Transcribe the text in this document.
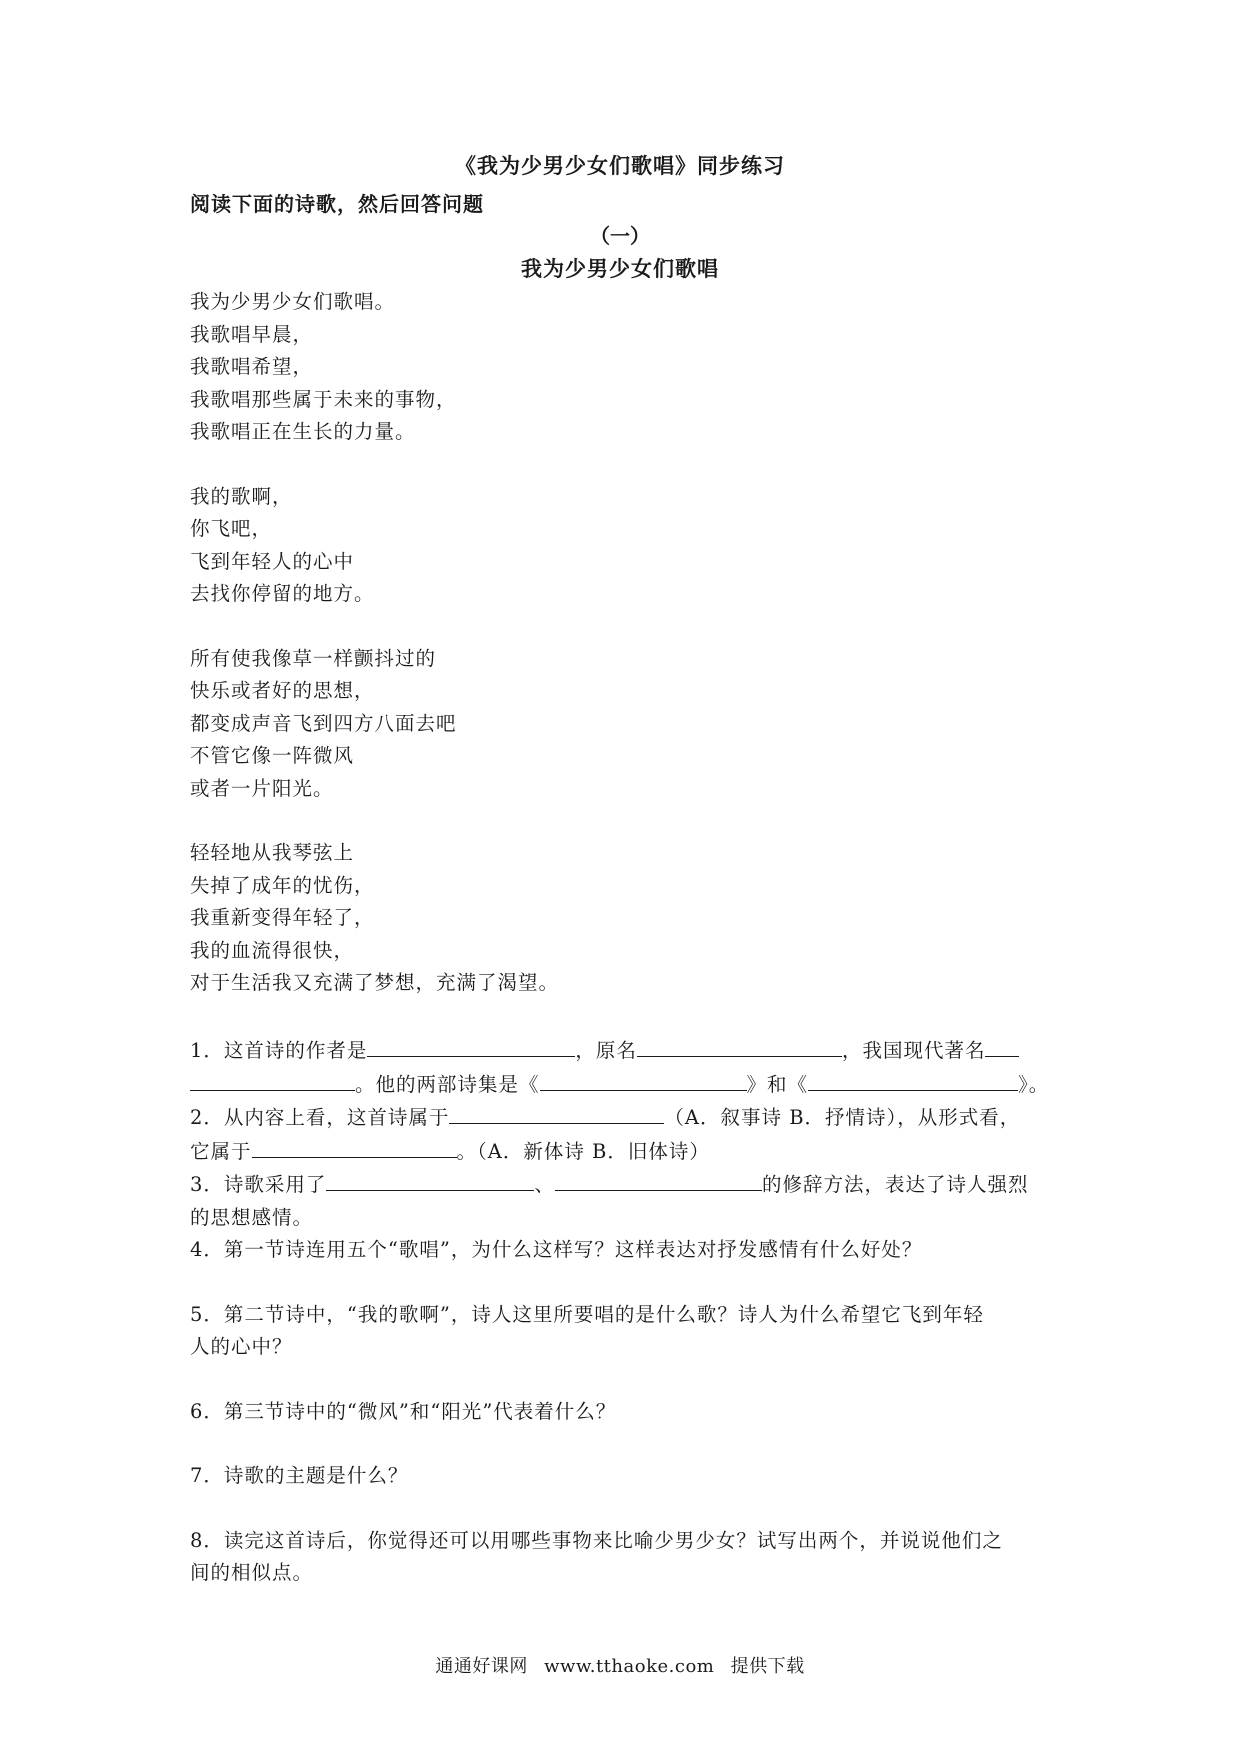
《我为少男少女们歌唱》同步练习
阅读下面的诗歌，然后回答问题
（一）
我为少男少女们歌唱
我为少男少女们歌唱。
我歌唱早晨，
我歌唱希望，
我歌唱那些属于未来的事物，
我歌唱正在生长的力量。
我的歌啊，
你飞吧，
飞到年轻人的心中
去找你停留的地方。
所有使我像草一样颤抖过的
快乐或者好的思想，
都变成声音飞到四方八面去吧
不管它像一阵微风
或者一片阳光。
轻轻地从我琴弦上
失掉了成年的忧伤，
我重新变得年轻了，
我的血流得很快，
对于生活我又充满了梦想，充满了渴望。

1．这首诗的作者是	，原名	，我国现代著名

。他的两部诗集是《	》和《	》。

2．从内容上看，这首诗属于	（A．叙事诗 B．抒情诗），从形式看，

它属于	。（A．新体诗 B．旧体诗）

3．诗歌采用了	、	的修辞方法，表达了诗人强烈

的思想感情。

4．第一节诗连用五个“歌唱”，为什么这样写？这样表达对抒发感情有什么好处？

5．第二节诗中，“我的歌啊”，诗人这里所要唱的是什么歌？诗人为什么希望它飞到年轻

人的心中？

6．第三节诗中的“微风”和“阳光”代表着什么？

7．诗歌的主题是什么？

8．读完这首诗后，你觉得还可以用哪些事物来比喻少男少女？试写出两个，并说说他们之

间的相似点。

通通好课网 www.tthaoke.com 提供下载
